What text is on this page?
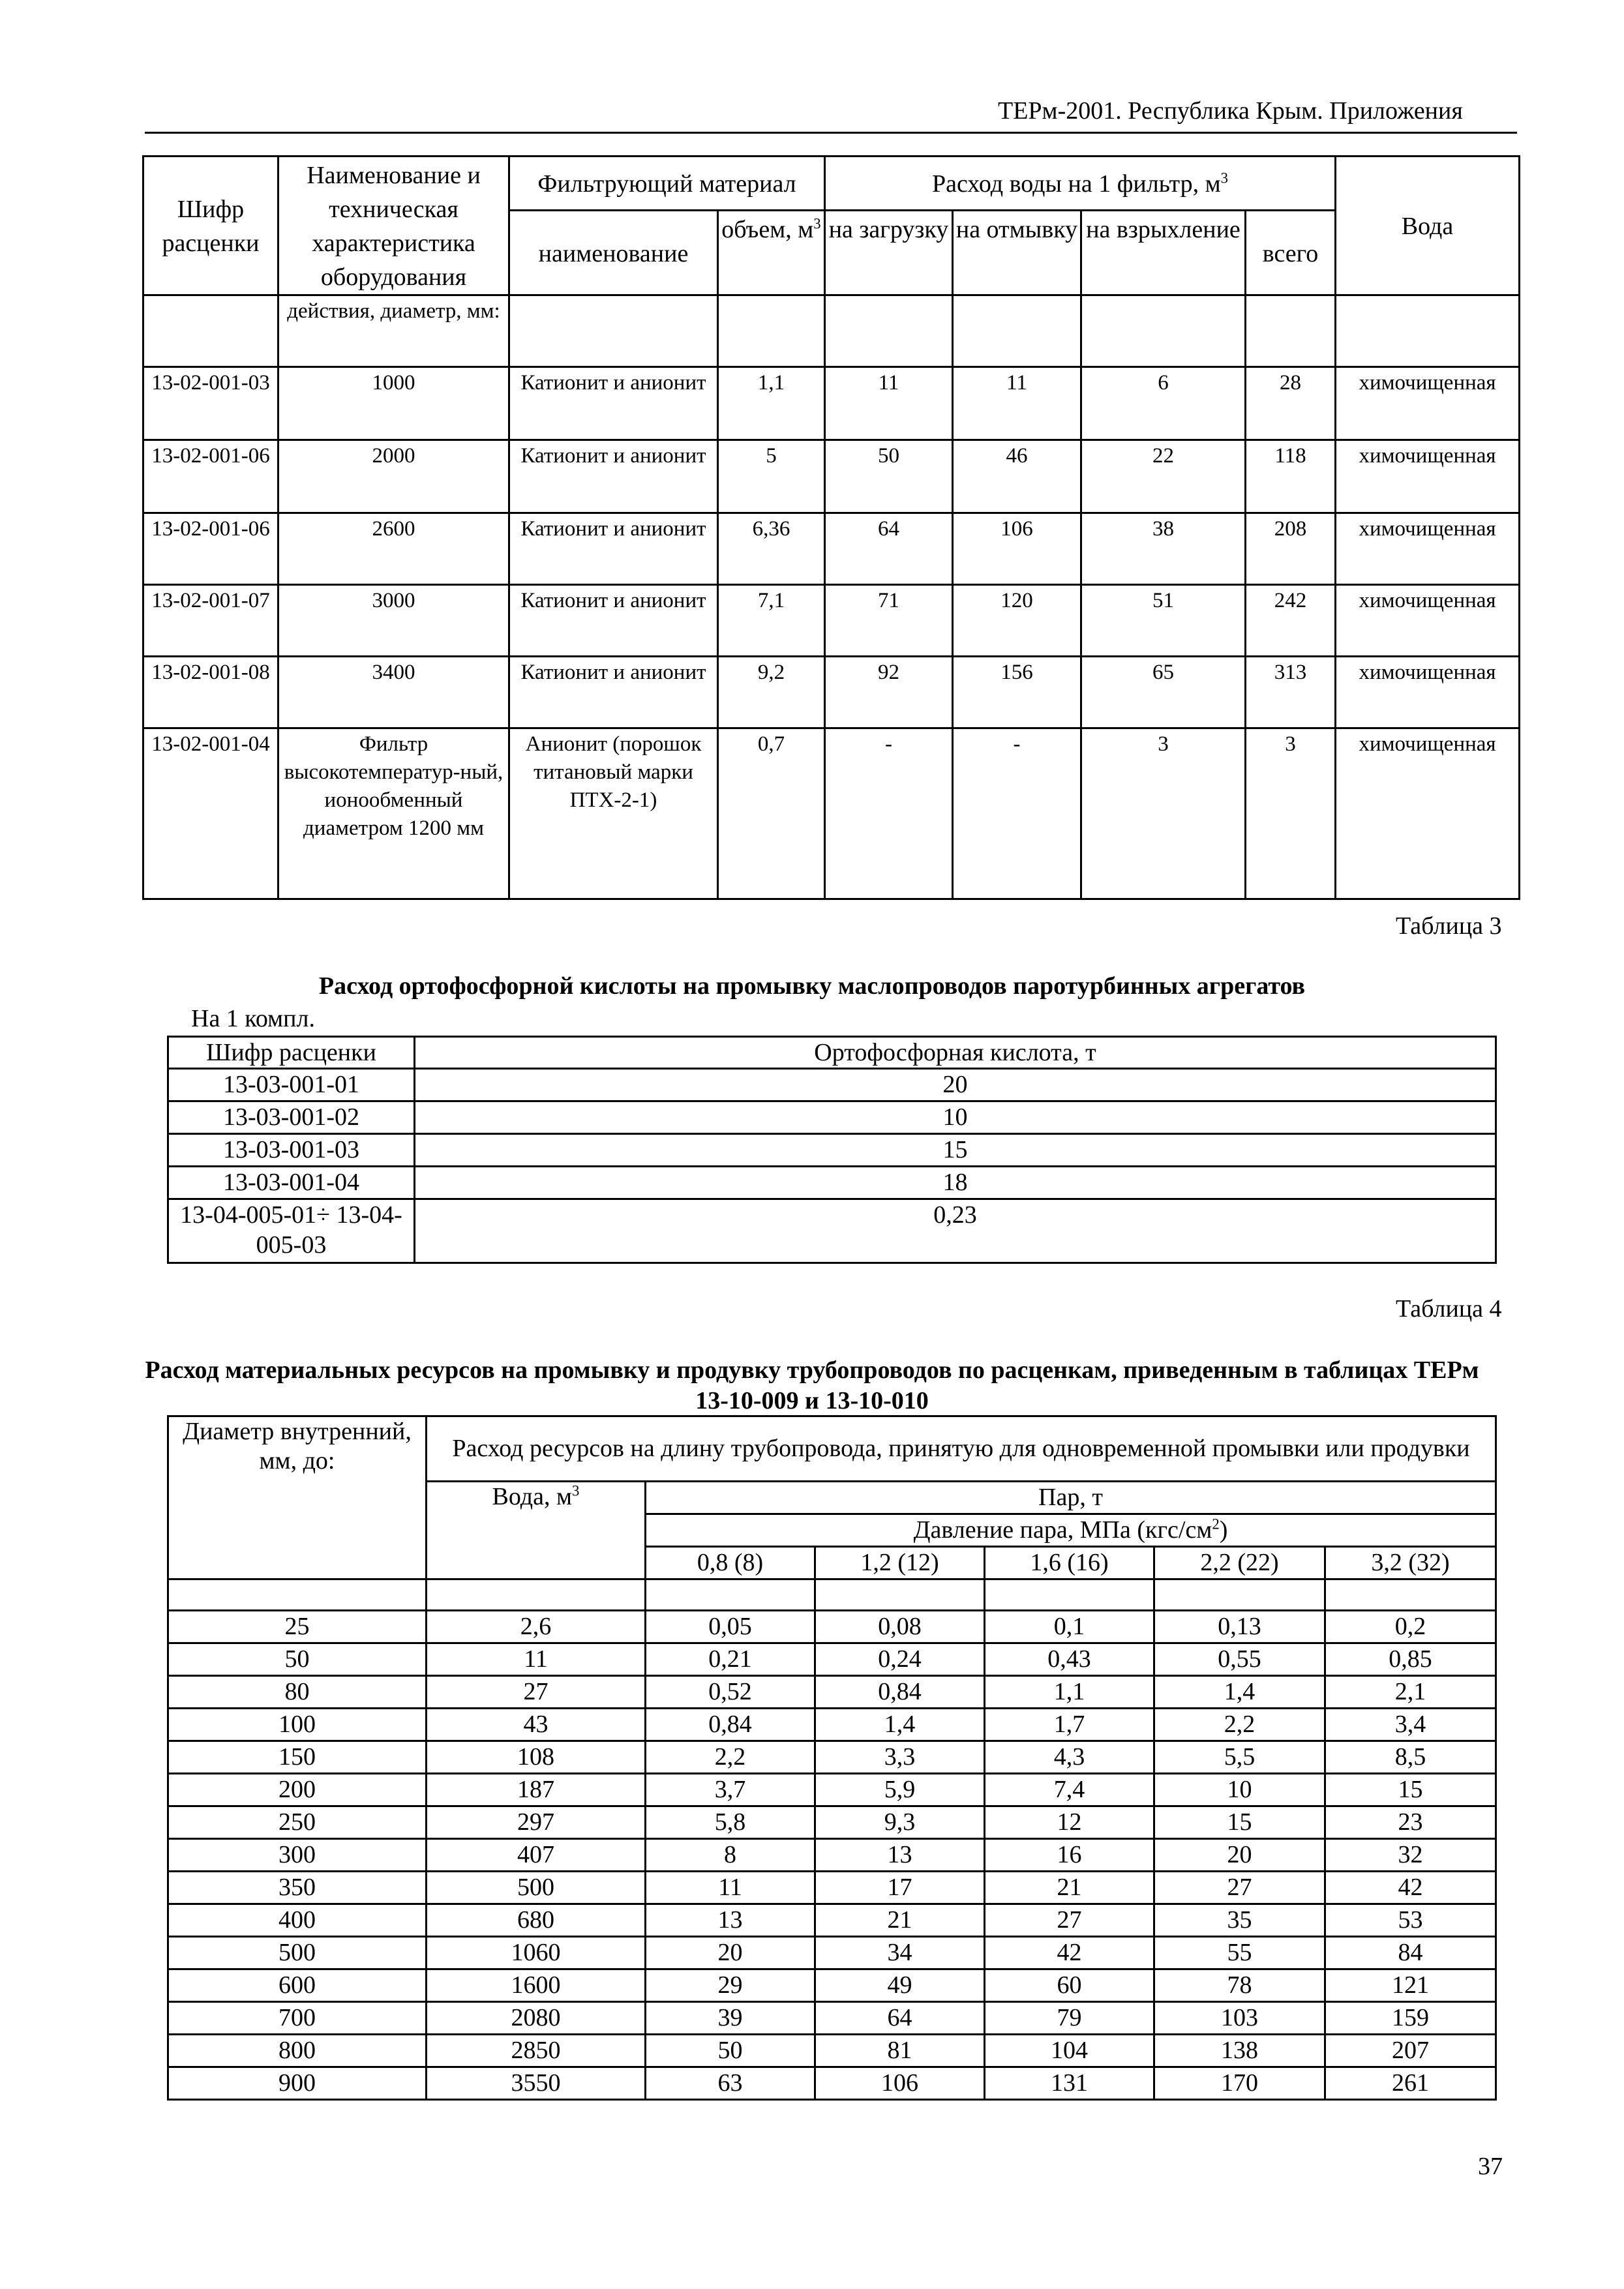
ТЕРм-2001. Республика Крым. Приложения
Шифр расценки	Наименование и техническая характеристика оборудования	Фильтрующий материал		Расход воды на 1 фильтр, $м^3$				Вода
		наименование	объем, $м^3$	на загрузку	на отмывку	на взрыхление	всего	
	действия, диаметр, мм:							
13-02-001-03	1000	Катионит и анионит	1,1	11	11	6	28	химочищенная
13-02-001-06	2000	Катионит и анионит	5	50	46	22	118	химочищенная
13-02-001-06	2600	Катионит и анионит	6,36	64	106	38	208	химочищенная
13-02-001-07	3000	Катионит и анионит	7,1	71	120	51	242	химочищенная
13-02-001-08	3400	Катионит и анионит	9,2	92	156	65	313	химочищенная
13-02-001-04	Фильтр высокотемператур-ный, ионообменный диаметром 1200 мм	Анионит (порошок титановый марки ПТХ-2-1)	0,7	-	-	3	3	химочищенная
Таблица 3
Расход ортофосфорной кислоты на промывку маслопроводов паротурбинных агрегатов
На 1 компл.
Шифр расценки	Ортофосфорная кислота, т
13-03-001-01	20
13-03-001-02	10
13-03-001-03	15
13-03-001-04	18
13-04-005-01÷ 13-04-005-03	0,23
Таблица 4
Расход материальных ресурсов на промывку и продувку трубопроводов по расценкам, приведенным в таблицах ТЕРм 13-10-009 и 13-10-010
Диаметр внутренний, мм, до:	Расход ресурсов на длину трубопровода, принятую для одновременной промывки или продувки					
	Вода, $м^3$	Пар, т				
		Давление пара, МПа $(кгс/см^2)$				
		0,8 (8)	1,2 (12)	1,6 (16)	2,2 (22)	3,2 (32)

25	2,6	0,05	0,08	0,1	0,13	0,2
50	11	0,21	0,24	0,43	0,55	0,85
80	27	0,52	0,84	1,1	1,4	2,1
100	43	0,84	1,4	1,7	2,2	3,4
150	108	2,2	3,3	4,3	5,5	8,5
200	187	3,7	5,9	7,4	10	15
250	297	5,8	9,3	12	15	23
300	407	8	13	16	20	32
350	500	11	17	21	27	42
400	680	13	21	27	35	53
500	1060	20	34	42	55	84
600	1600	29	49	60	78	121
700	2080	39	64	79	103	159
800	2850	50	81	104	138	207
900	3550	63	106	131	170	261
37
